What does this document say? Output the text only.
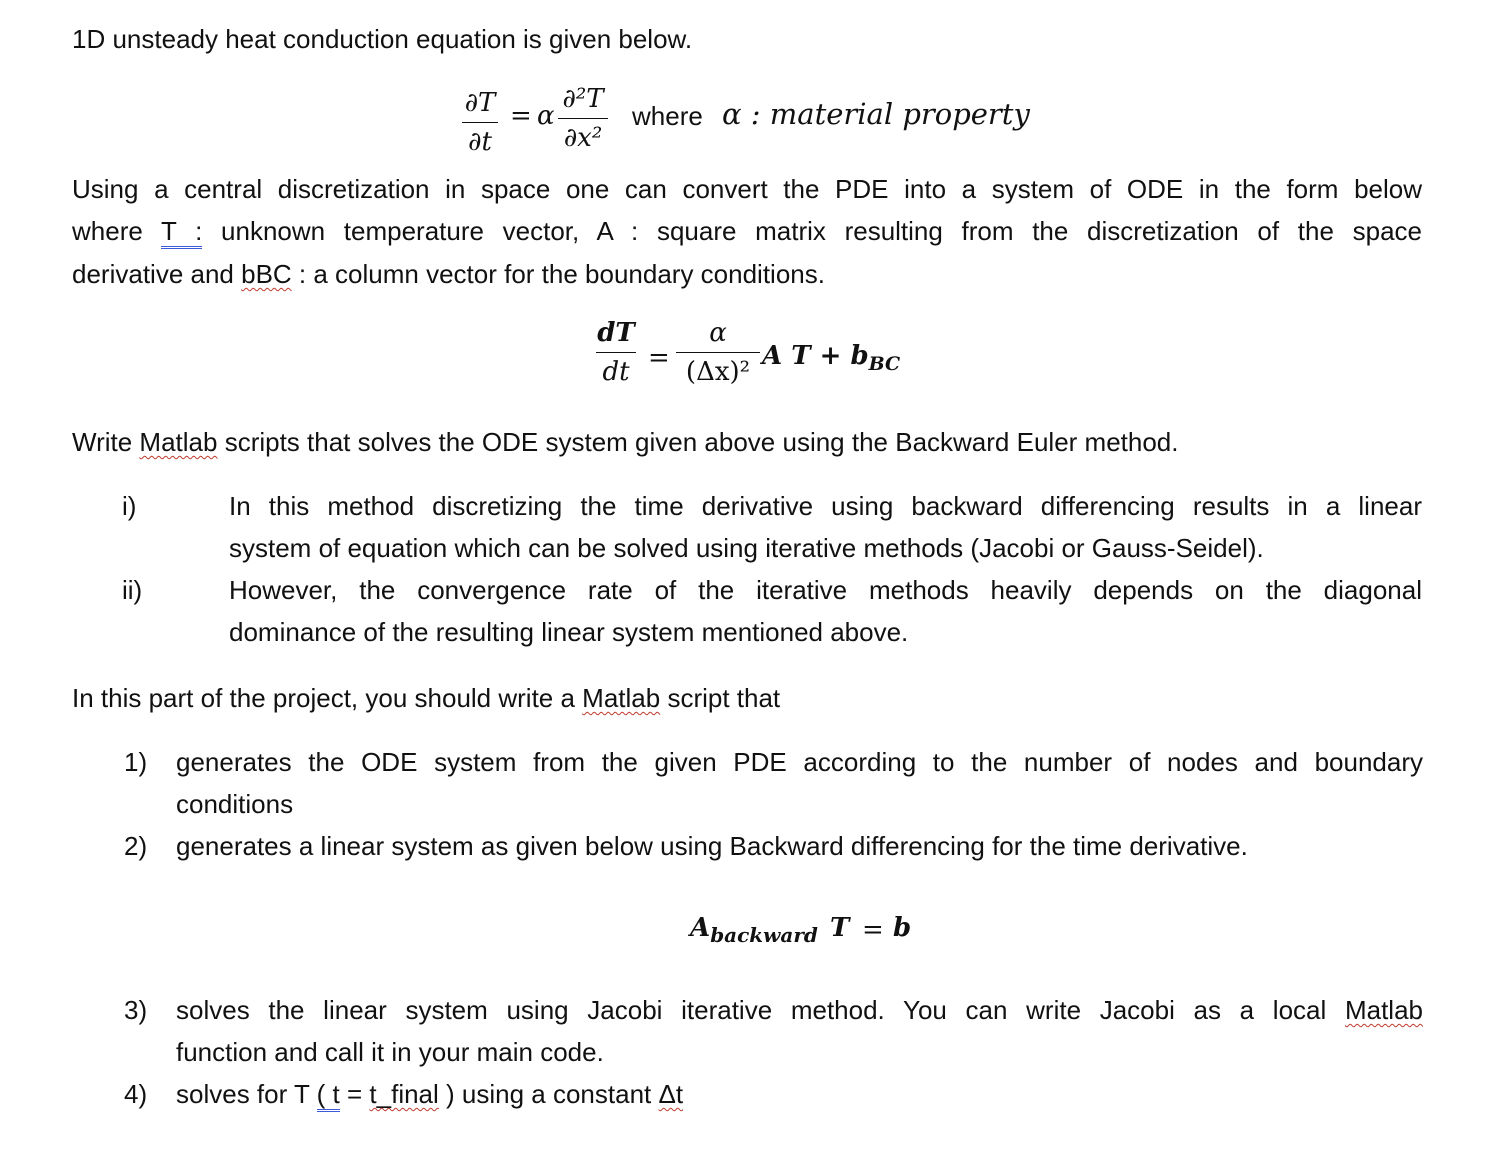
1D unsteady heat conduction equation is given below.
∂T
∂t
= α
∂²T
∂x²
where α : material property
Using a central discretization in space one can convert the PDE into a system of ODE in the form below
where T : unknown temperature vector, A : square matrix resulting from the discretization of the space
derivative and bBC : a column vector for the boundary conditions.
dT
dt =
α
(Δx)²
A $T + b_{BC}$
Write Matlab scripts that solves the ODE system given above using the Backward Euler method.
i)	In this method discretizing the time derivative using backward differencing results in a linear
system of equation which can be solved using iterative methods (Jacobi or Gauss-Seidel).
ii)	However, the convergence rate of the iterative methods heavily depends on the diagonal
dominance of the resulting linear system mentioned above.
In this part of the project, you should write a Matlab script that
1) generates the ODE system from the given PDE according to the number of nodes and boundary
conditions
2) generates a linear system as given below using Backward differencing for the time derivative.
$A_{backward}$ T = b
3) solves the linear system using Jacobi iterative method. You can write Jacobi as a local Matlab
function and call it in your main code.
4) solves for T ( t = t_final ) using a constant Δt
